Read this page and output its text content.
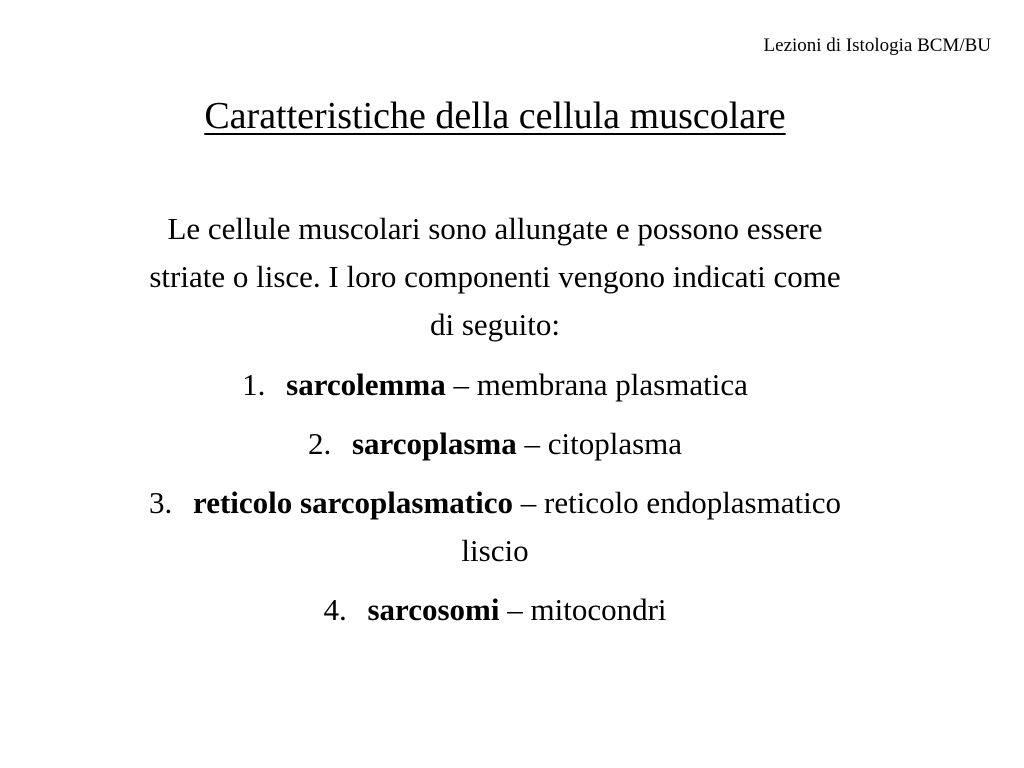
Lezioni di Istologia BCM/BU
Caratteristiche della cellula muscolare

Le cellule muscolari sono allungate e possono essere striate o lisce. I loro componenti vengono indicati come di seguito:

1. sarcolemma – membrana plasmatica
2. sarcoplasma – citoplasma
3. reticolo sarcoplasmatico – reticolo endoplasmatico liscio
4. sarcosomi – mitocondri
